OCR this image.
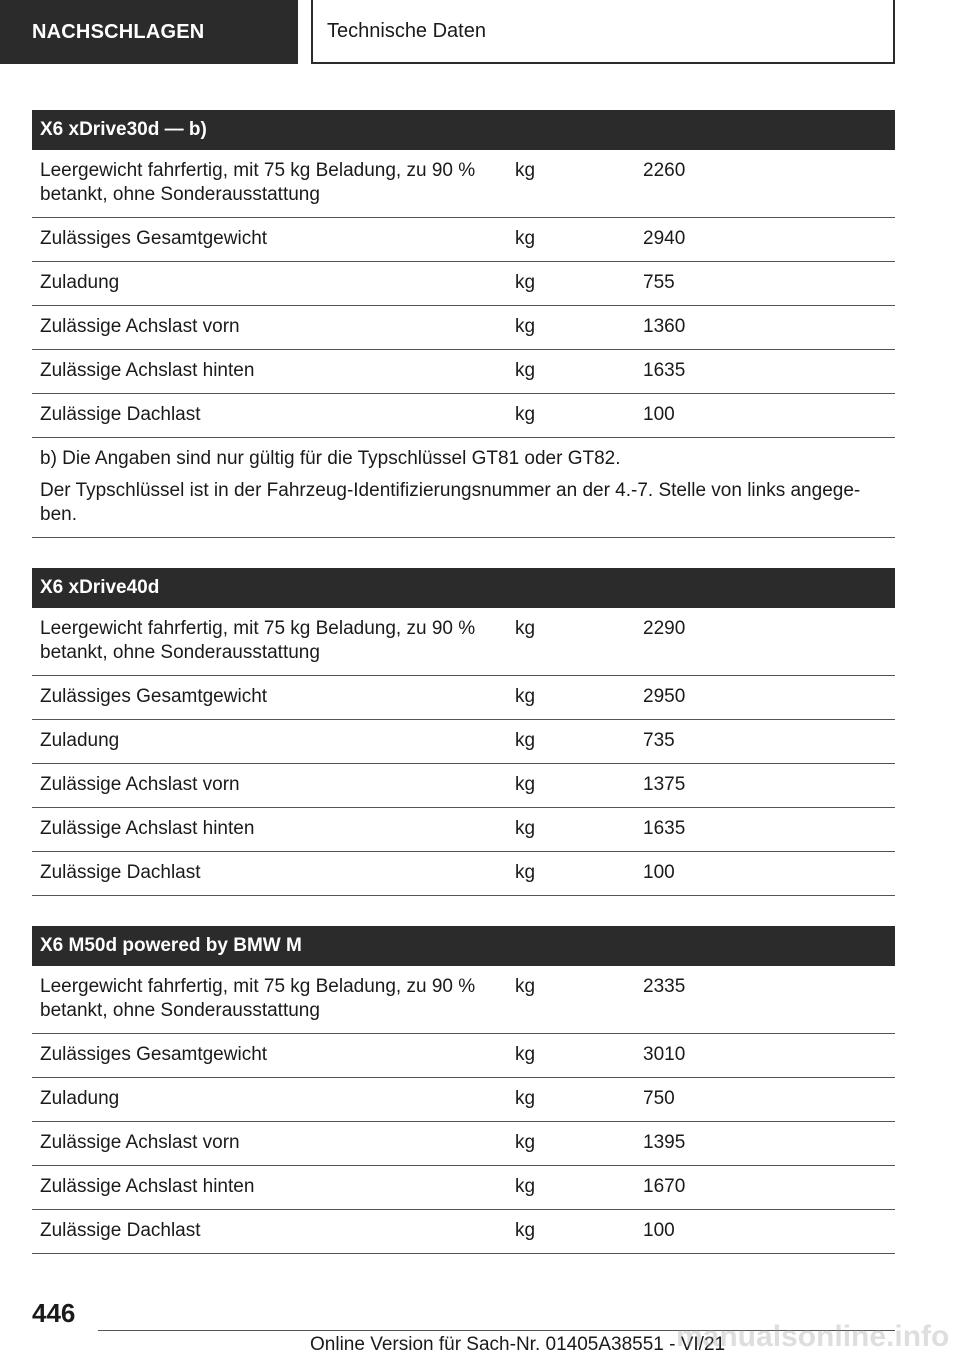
NACHSCHLAGEN	Technische Daten
X6 xDrive30d — b)		
Leergewicht fahrfertig, mit 75 kg Beladung, zu 90 % betankt, ohne Sonderausstattung	kg	2260
Zulässiges Gesamtgewicht	kg	2940
Zuladung	kg	755
Zulässige Achslast vorn	kg	1360
Zulässige Achslast hinten	kg	1635
Zulässige Dachlast	kg	100

b) Die Angaben sind nur gültig für die Typschlüssel GT81 oder GT82.

Der Typschlüssel ist in der Fahrzeug-Identifizierungsnummer an der 4.-7. Stelle von links angege-ben.		

X6 xDrive40d		
Leergewicht fahrfertig, mit 75 kg Beladung, zu 90 % betankt, ohne Sonderausstattung	kg	2290
Zulässiges Gesamtgewicht	kg	2950
Zuladung	kg	735
Zulässige Achslast vorn	kg	1375
Zulässige Achslast hinten	kg	1635
Zulässige Dachlast	kg	100
X6 M50d powered by BMW M		
Leergewicht fahrfertig, mit 75 kg Beladung, zu 90 % betankt, ohne Sonderausstattung	kg	2335
Zulässiges Gesamtgewicht	kg	3010
Zuladung	kg	750
Zulässige Achslast vorn	kg	1395
Zulässige Achslast hinten	kg	1670
Zulässige Dachlast	kg	100
446
Online Version für Sach-Nr. 01405A38551 - VI/21
manualsonline.info
